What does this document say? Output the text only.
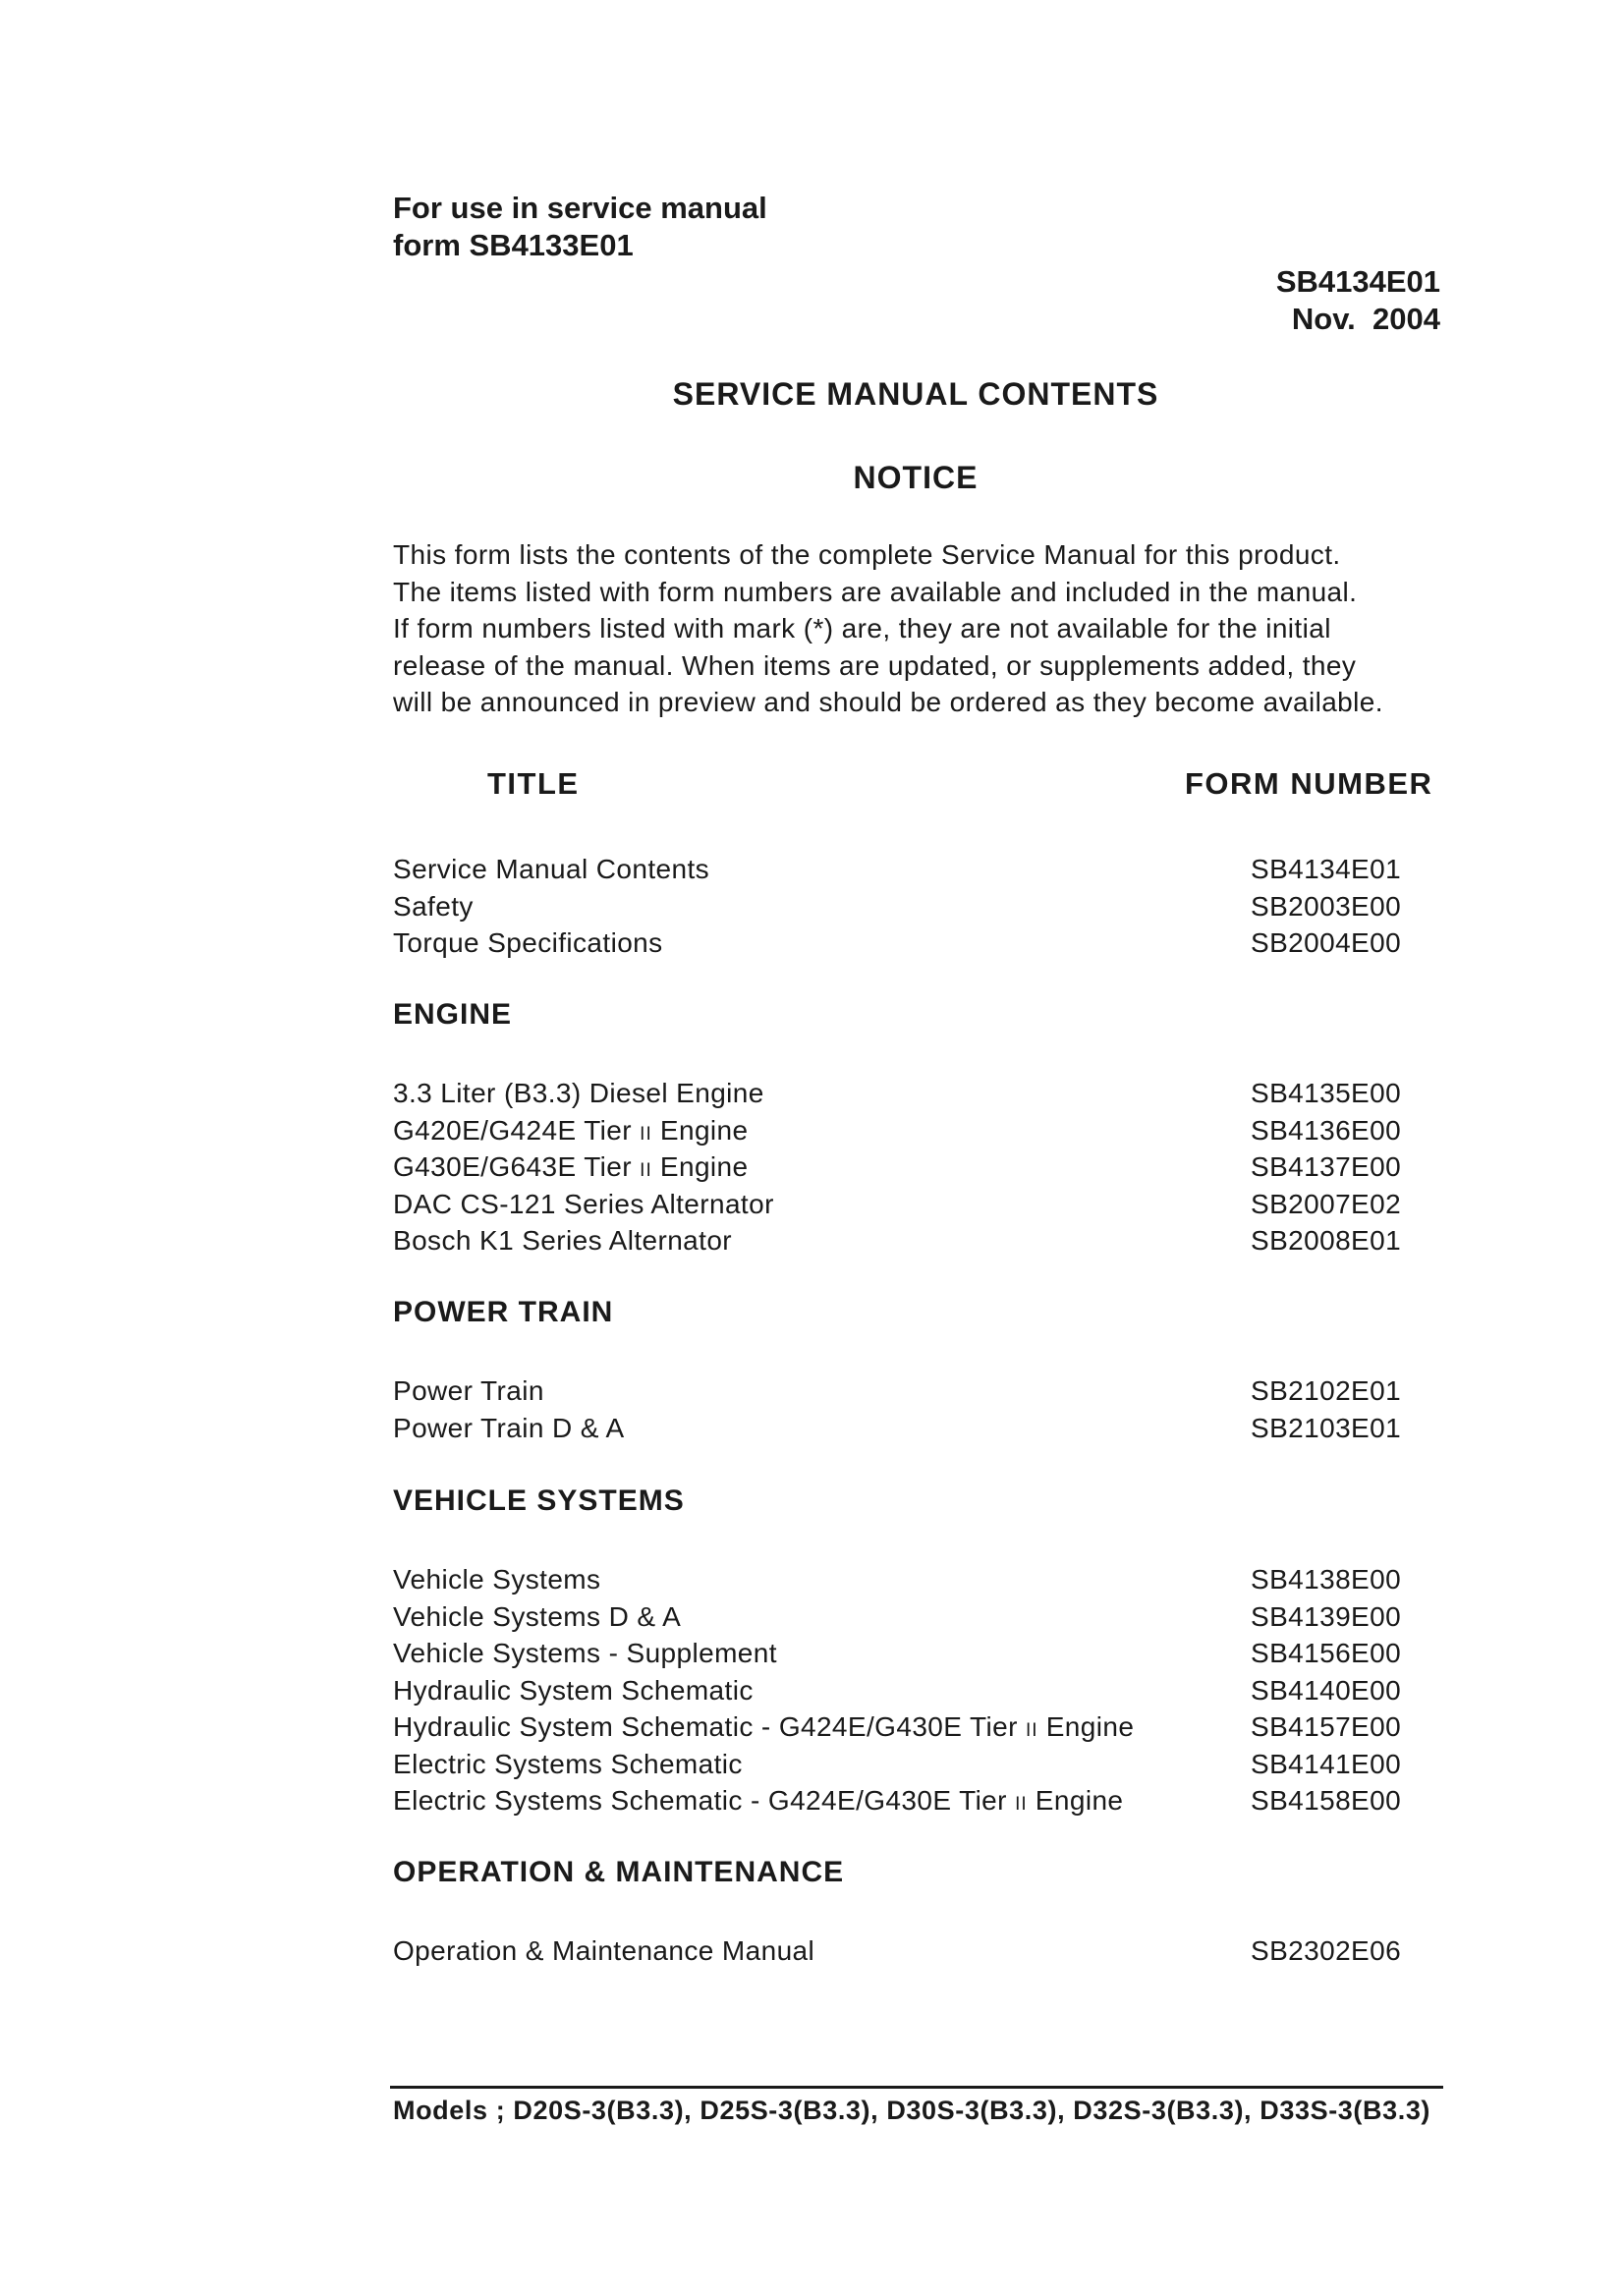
For use in service manual
form SB4133E01
SB4134E01
Nov.  2004
SERVICE MANUAL CONTENTS
NOTICE
This form lists the contents of the complete Service Manual for this product.
The items listed with form numbers are available and included in the manual.
If form numbers listed with mark (*) are, they are not available for the initial
release of the manual. When items are updated, or supplements added, they
will be announced in preview and should be ordered as they become available.
TITLE	FORM NUMBER
Service Manual Contents	SB4134E01
Safety	SB2003E00
Torque Specifications	SB2004E00
ENGINE
3.3 Liter (B3.3) Diesel Engine	SB4135E00
G420E/G424E Tier II Engine	SB4136E00
G430E/G643E Tier II Engine	SB4137E00
DAC CS-121 Series Alternator	SB2007E02
Bosch K1 Series Alternator	SB2008E01
POWER TRAIN
Power Train	SB2102E01
Power Train D & A	SB2103E01
VEHICLE SYSTEMS
Vehicle Systems	SB4138E00
Vehicle Systems D & A	SB4139E00
Vehicle Systems - Supplement	SB4156E00
Hydraulic System Schematic	SB4140E00
Hydraulic System Schematic - G424E/G430E Tier II Engine	SB4157E00
Electric Systems Schematic	SB4141E00
Electric Systems Schematic - G424E/G430E Tier II Engine	SB4158E00
OPERATION & MAINTENANCE
Operation & Maintenance Manual	SB2302E06
Models ; D20S-3(B3.3), D25S-3(B3.3), D30S-3(B3.3), D32S-3(B3.3), D33S-3(B3.3)
